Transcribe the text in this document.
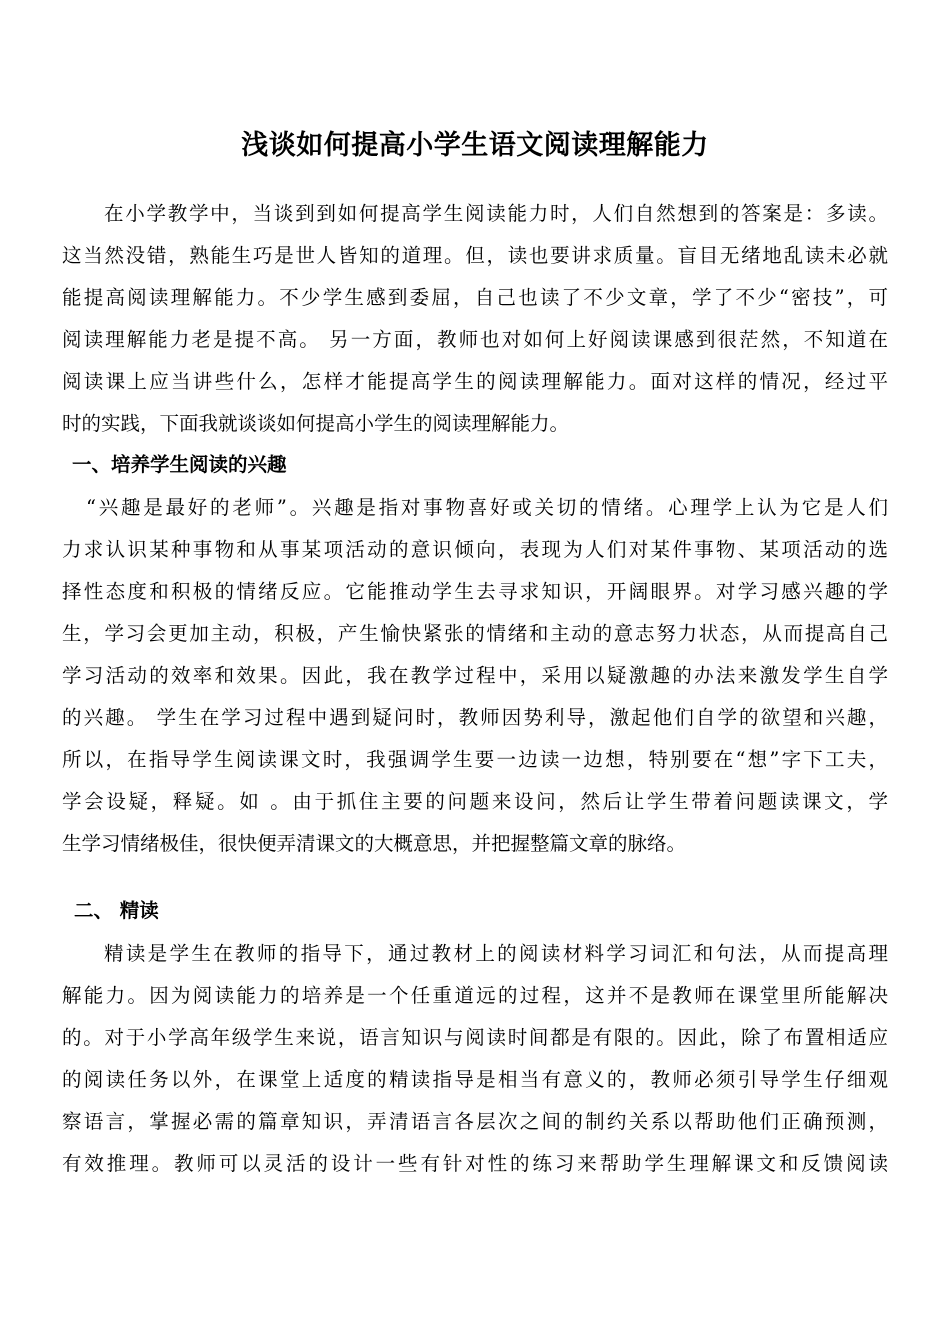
浅谈如何提高小学生语文阅读理解能力
在小学教学中，当谈到到如何提高学生阅读能力时，人们自然想到的答案是：多读。
这当然没错，熟能生巧是世人皆知的道理。但，读也要讲求质量。盲目无绪地乱读未必就
能提高阅读理解能力。不少学生感到委屈，自己也读了不少文章，学了不少“密技”，可
阅读理解能力老是提不高。 另一方面，教师也对如何上好阅读课感到很茫然，不知道在
阅读课上应当讲些什么，怎样才能提高学生的阅读理解能力。面对这样的情况，经过平
时的实践，下面我就谈谈如何提高小学生的阅读理解能力。
一、培养学生阅读的兴趣
“兴趣是最好的老师”。兴趣是指对事物喜好或关切的情绪。心理学上认为它是人们
力求认识某种事物和从事某项活动的意识倾向，表现为人们对某件事物、某项活动的选
择性态度和积极的情绪反应。它能推动学生去寻求知识，开阔眼界。对学习感兴趣的学
生，学习会更加主动，积极，产生愉快紧张的情绪和主动的意志努力状态，从而提高自己
学习活动的效率和效果。因此，我在教学过程中，采用以疑激趣的办法来激发学生自学
的兴趣。 学生在学习过程中遇到疑问时，教师因势利导，激起他们自学的欲望和兴趣，
所以，在指导学生阅读课文时，我强调学生要一边读一边想，特别要在“想”字下工夫，
学会设疑，释疑。如 。由于抓住主要的问题来设问，然后让学生带着问题读课文，学
生学习情绪极佳，很快便弄清课文的大概意思，并把握整篇文章的脉络。
二、 精读
精读是学生在教师的指导下，通过教材上的阅读材料学习词汇和句法，从而提高理
解能力。因为阅读能力的培养是一个任重道远的过程，这并不是教师在课堂里所能解决
的。对于小学高年级学生来说，语言知识与阅读时间都是有限的。因此，除了布置相适应
的阅读任务以外，在课堂上适度的精读指导是相当有意义的，教师必须引导学生仔细观
察语言，掌握必需的篇章知识，弄清语言各层次之间的制约关系以帮助他们正确预测，
有效推理。教师可以灵活的设计一些有针对性的练习来帮助学生理解课文和反馈阅读
